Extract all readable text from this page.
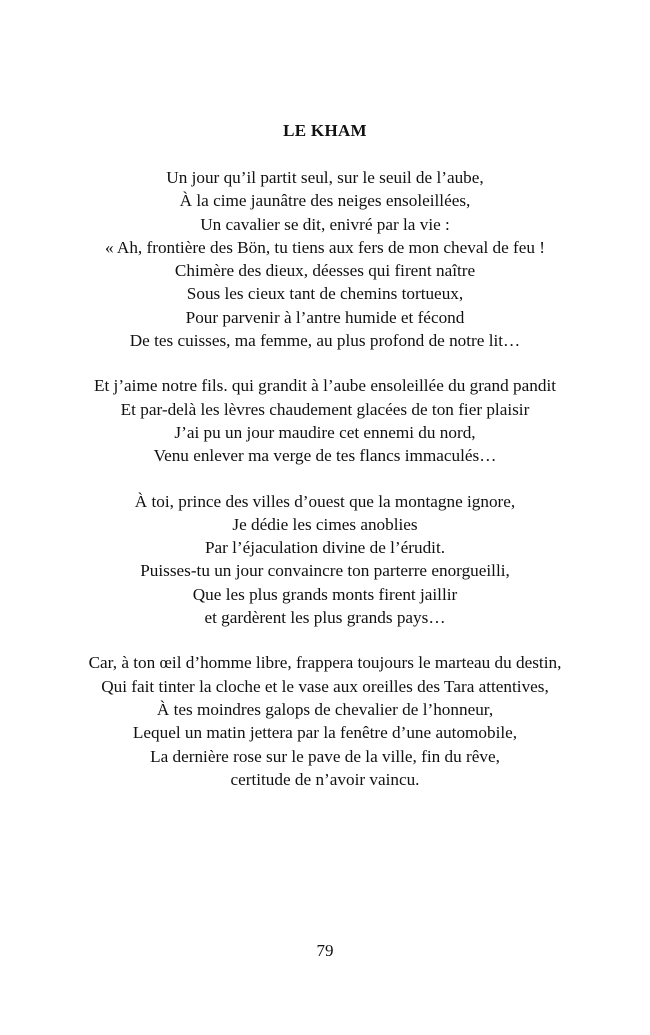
LE KHAM
Un jour qu’il partit seul, sur le seuil de l’aube,
À la cime jaunâtre des neiges ensoleillées,
Un cavalier se dit, enivré par la vie :
« Ah, frontière des Bön, tu tiens aux fers de mon cheval de feu !
Chimère des dieux, déesses qui firent naître
Sous les cieux tant de chemins tortueux,
Pour parvenir à l’antre humide et fécond
De tes cuisses, ma femme, au plus profond de notre lit…
Et j’aime notre fils. qui grandit à l’aube ensoleillée du grand pandit
Et par-delà les lèvres chaudement glacées de ton fier plaisir
J’ai pu un jour maudire cet ennemi du nord,
Venu enlever ma verge de tes flancs immaculés…
À toi, prince des villes d’ouest que la montagne ignore,
Je dédie les cimes anoblies
Par l’éjaculation divine de l’érudit.
Puisses-tu un jour convaincre ton parterre enorgueilli,
Que les plus grands monts firent jaillir
et gardèrent les plus grands pays…
Car, à ton œil d’homme libre, frappera toujours le marteau du destin,
Qui fait tinter la cloche et le vase aux oreilles des Tara attentives,
À tes moindres galops de chevalier de l’honneur,
Lequel un matin jettera par la fenêtre d’une automobile,
La dernière rose sur le pave de la ville, fin du rêve,
certitude de n’avoir vaincu.
79
